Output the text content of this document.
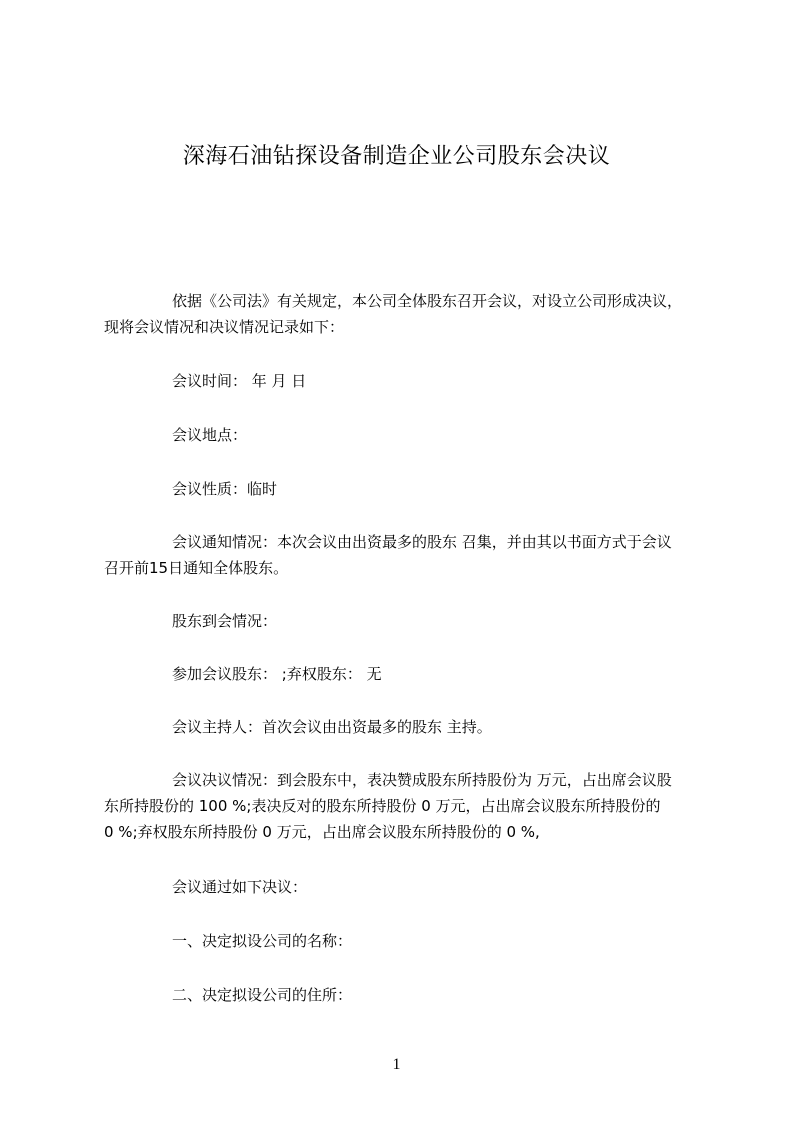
深海石油钻探设备制造企业公司股东会决议

依据《公司法》有关规定，本公司全体股东召开会议，对设立公司形成决议，
现将会议情况和决议情况记录如下：

会议时间： 年 月 日

会议地点：

会议性质：临时

会议通知情况：本次会议由出资最多的股东 召集，并由其以书面方式于会议
召开前15日通知全体股东。

股东到会情况：

参加会议股东： ;弃权股东： 无

会议主持人：首次会议由出资最多的股东 主持。

会议决议情况：到会股东中，表决赞成股东所持股份为 万元，占出席会议股
东所持股份的 100 %;表决反对的股东所持股份 0 万元，占出席会议股东所持股份的
0 %;弃权股东所持股份 0 万元，占出席会议股东所持股份的 0 %,

会议通过如下决议：

一、决定拟设公司的名称：

二、决定拟设公司的住所：

1
